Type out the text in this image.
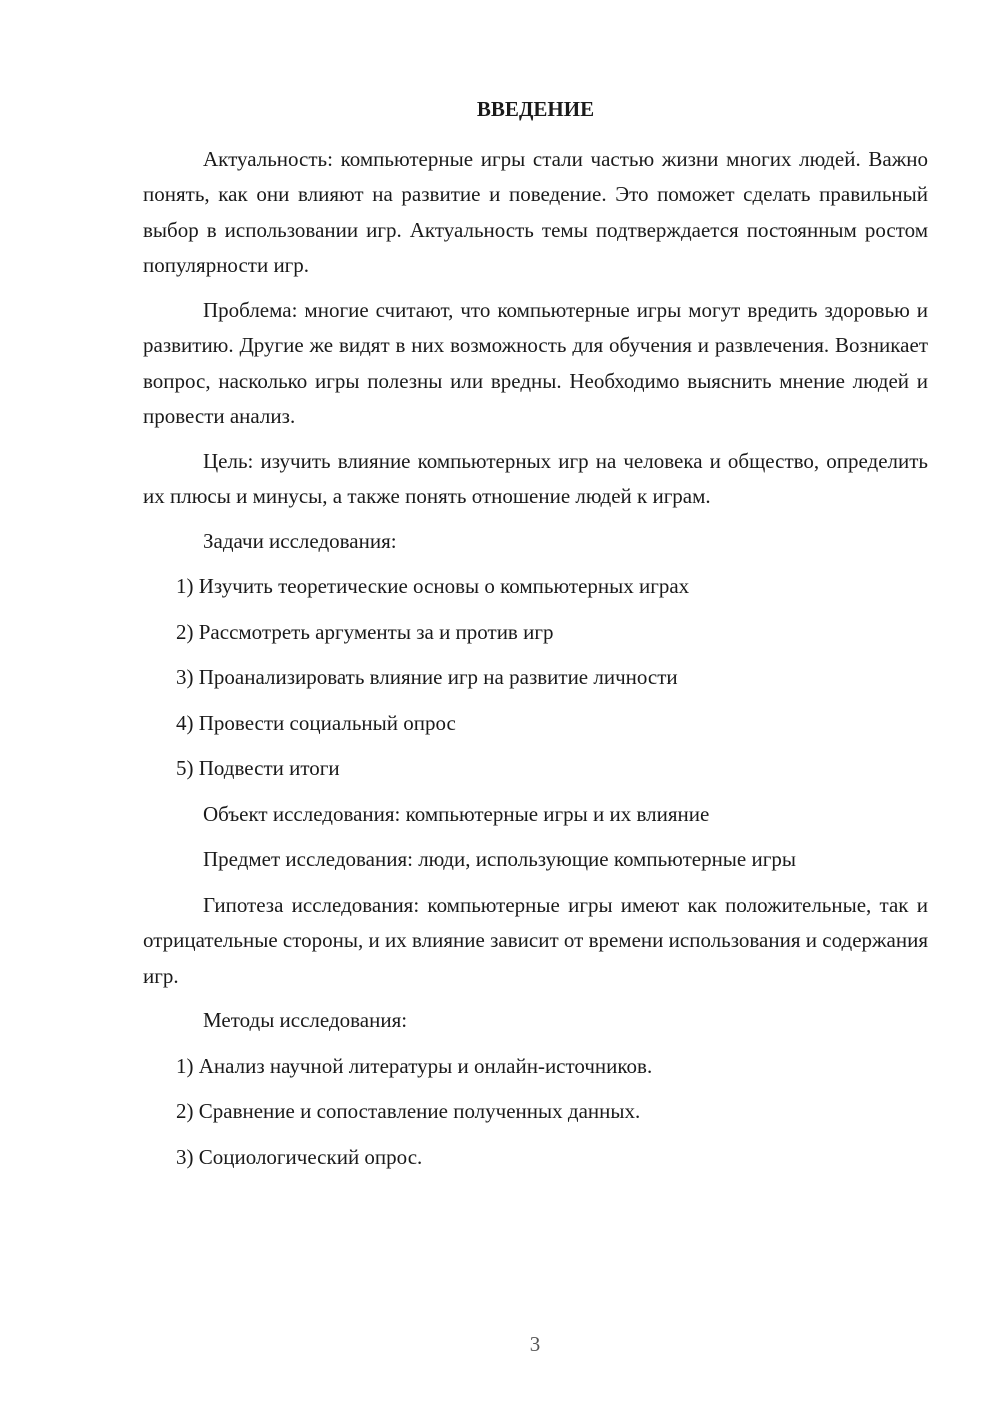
ВВЕДЕНИЕ

Актуальность: компьютерные игры стали частью жизни многих людей. Важно понять, как они влияют на развитие и поведение. Это поможет сделать правильный выбор в использовании игр. Актуальность темы подтверждается постоянным ростом популярности игр.

Проблема: многие считают, что компьютерные игры могут вредить здоровью и развитию. Другие же видят в них возможность для обучения и развлечения. Возникает вопрос, насколько игры полезны или вредны. Необходимо выяснить мнение людей и провести анализ.

Цель: изучить влияние компьютерных игр на человека и общество, определить их плюсы и минусы, а также понять отношение людей к играм.

Задачи исследования:

1) Изучить теоретические основы о компьютерных играх
2) Рассмотреть аргументы за и против игр
3) Проанализировать влияние игр на развитие личности
4) Провести социальный опрос
5) Подвести итоги

Объект исследования: компьютерные игры и их влияние

Предмет исследования: люди, использующие компьютерные игры

Гипотеза исследования: компьютерные игры имеют как положительные, так и отрицательные стороны, и их влияние зависит от времени использования и содержания игр.

Методы исследования:

1) Анализ научной литературы и онлайн-источников.
2) Сравнение и сопоставление полученных данных.
3) Социологический опрос.
3
